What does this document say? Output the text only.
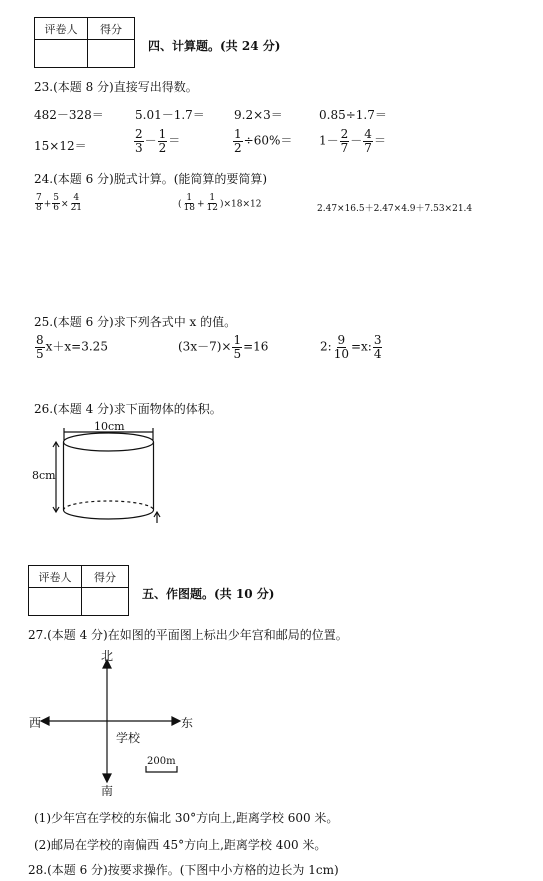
评卷人	得分

四、计算题。(共 24 分)
23.(本题 8 分)直接写出得数。
482－328＝	5.01－1.7＝ 9.2×3＝	0.85÷1.7＝
15×12＝	$\frac{2}{3} - \frac{1}{2}$ ＝	$\frac{1}{2} \div 60\%= 1- \frac{2}{7} - \frac{4}{7}$ ＝
24.(本题 6 分)脱式计算。(能简算的要简算)
$\frac{7}{8} + \frac{5}{6} \times \frac{4}{21}$	( $\frac{1}{18} + \frac{1}{12} )\times 18\times 12$	2.47×16.5＋2.47×4.9＋7.53×21.4
25.(本题 6 分)求下列各式中 x 的值。
$\frac{8}{5} x+x=3.25$	$(3x-7)\times \frac{1}{5} =16$	2: $\frac{9}{10} =x$: $\frac{3}{4}$
26.(本题 4 分)求下面物体的体积。
10cm
8cm
评卷人	得分

五、作图题。(共 10 分)
27.(本题 4 分)在如图的平面图上标出少年宫和邮局的位置。
北
西	东
学校
南
200m
(1)少年宫在学校的东偏北 30°方向上,距离学校 600 米。
(2)邮局在学校的南偏西 45°方向上,距离学校 400 米。
28.(本题 6 分)按要求操作。(下图中小方格的边长为 1cm)
